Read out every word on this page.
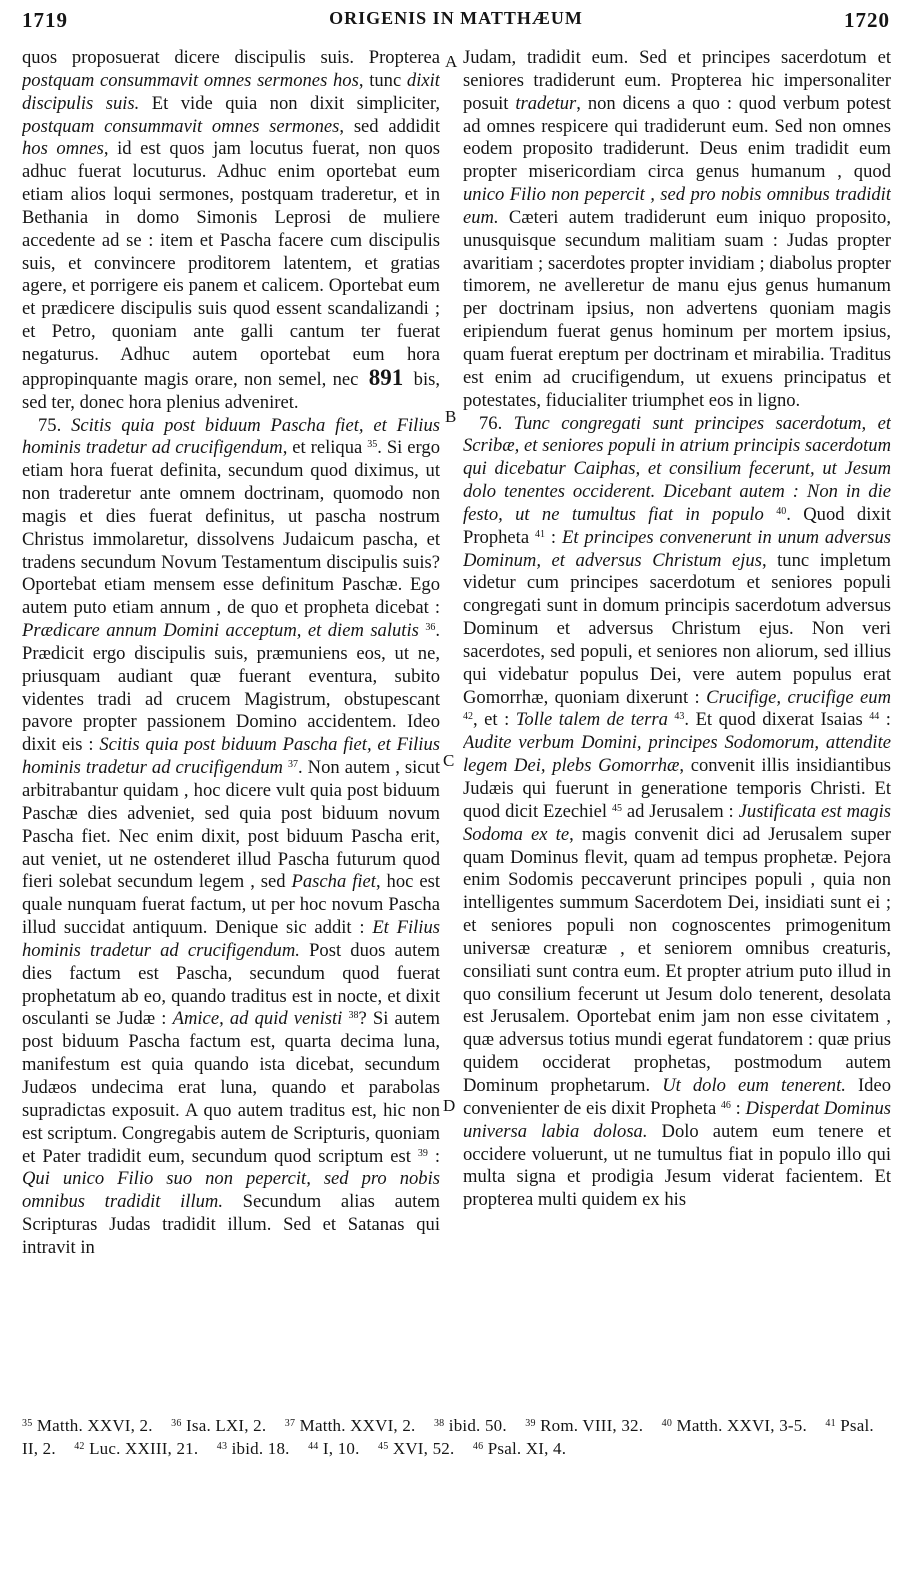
1719	ORIGENIS IN MATTHÆUM	1720

quos proposuerat dicere discipulis suis. Propterea postquam consummavit omnes sermones hos, tunc dixit discipulis suis. Et vide quia non dixit simpliciter, postquam consummavit omnes sermones, sed addidit hos omnes, id est quos jam locutus fuerat, non quos adhuc fuerat locuturus. Adhuc enim oportebat eum etiam alios loqui sermones, postquam traderetur, et in Bethania in domo Simonis Leprosi de muliere accedente ad se : item et Pascha facere cum discipulis suis, et convincere proditorem latentem, et gratias agere, et porrigere eis panem et calicem. Oportebat eum et prædicere discipulis suis quod essent scandalizandi ; et Petro, quoniam ante galli cantum ter fuerat negaturus. Adhuc autem oportebat eum hora appropinquante magis orare, non semel, nec 891 bis, sed ter, donec hora plenius adveniret.

75. Scitis quia post biduum Pascha fiet, et Filius hominis tradetur ad crucifigendum, et reliqua $^{35}$. Si ergo etiam hora fuerat definita, secundum quod diximus, ut non traderetur ante omnem doctrinam, quomodo non magis et dies fuerat definitus, ut pascha nostrum Christus immolaretur, dissolvens Judaicum pascha, et tradens secundum Novum Testamentum discipulis suis? Oportebat etiam mensem esse definitum Paschæ. Ego autem puto etiam annum , de quo et propheta dicebat : Prædicare annum Domini acceptum, et diem salutis $^{36}$. Prædicit ergo discipulis suis, præmuniens eos, ut ne, priusquam audiant quæ fuerant eventura, subito videntes tradi ad crucem Magistrum, obstupescant pavore propter passionem Domino accidentem. Ideo dixit eis : Scitis quia post biduum Pascha fiet, et Filius hominis tradetur ad crucifigendum $^{37}$. Non autem , sicut arbitrabantur quidam , hoc dicere vult quia post biduum Paschæ dies adveniet, sed quia post biduum novum Pascha fiet. Nec enim dixit, post biduum Pascha erit, aut veniet, ut ne ostenderet illud Pascha futurum quod fieri solebat secundum legem , sed Pascha fiet, hoc est quale nunquam fuerat factum, ut per hoc novum Pascha illud succidat antiquum. Denique sic addit : Et Filius hominis tradetur ad crucifigendum. Post duos autem dies factum est Pascha, secundum quod fuerat prophetatum ab eo, quando traditus est in nocte, et dixit osculanti se Judæ : Amice, ad quid venisti $^{38}$? Si autem post biduum Pascha factum est, quarta decima luna, manifestum est quia quando ista dicebat, secundum Judæos undecima erat luna, quando et parabolas supradictas exposuit. A quo autem traditus est, hic non est scriptum. Congregabis autem de Scripturis, quoniam et Pater tradidit eum, secundum quod scriptum est $^{39}$ : Qui unico Filio suo non pepercit, sed pro nobis omnibus tradidit illum. Secundum alias autem Scripturas Judas tradidit illum. Sed et Satanas qui intravit in

Judam, tradidit eum. Sed et principes sacerdotum et seniores tradiderunt eum. Propterea hic impersonaliter posuit tradetur, non dicens a quo : quod verbum potest ad omnes respicere qui tradiderunt eum. Sed non omnes eodem proposito tradiderunt. Deus enim tradidit eum propter misericordiam circa genus humanum , quod unico Filio non pepercit , sed pro nobis omnibus tradidit eum. Cæteri autem tradiderunt eum iniquo proposito, unusquisque secundum malitiam suam : Judas propter avaritiam ; sacerdotes propter invidiam ; diabolus propter timorem, ne avelleretur de manu ejus genus humanum per doctrinam ipsius, non advertens quoniam magis eripiendum fuerat genus hominum per mortem ipsius, quam fuerat ereptum per doctrinam et mirabilia. Traditus est enim ad crucifigendum, ut exuens principatus et potestates, fiducialiter triumphet eos in ligno.

76. Tunc congregati sunt principes sacerdotum, et Scribæ, et seniores populi in atrium principis sacerdotum qui dicebatur Caiphas, et consilium fecerunt, ut Jesum dolo tenentes occiderent. Dicebant autem : Non in die festo, ut ne tumultus fiat in populo $^{40}$. Quod dixit Propheta $^{41}$ : Et principes convenerunt in unum adversus Dominum, et adversus Christum ejus, tunc impletum videtur cum principes sacerdotum et seniores populi congregati sunt in domum principis sacerdotum adversus Dominum et adversus Christum ejus. Non veri sacerdotes, sed populi, et seniores non aliorum, sed illius qui videbatur populus Dei, vere autem populus erat Gomorrhæ, quoniam dixerunt : Crucifige, crucifige eum $^{42}$, et : Tolle talem de terra $^{43}$. Et quod dixerat Isaias $^{44}$ : Audite verbum Domini, principes Sodomorum, attendite legem Dei, plebs Gomorrhæ, convenit illis insidiantibus Judæis qui fuerunt in generatione temporis Christi. Et quod dicit Ezechiel $^{45}$ ad Jerusalem : Justificata est magis Sodoma ex te, magis convenit dici ad Jerusalem super quam Dominus flevit, quam ad tempus prophetæ. Pejora enim Sodomis peccaverunt principes populi , quia non intelligentes summum Sacerdotem Dei, insidiati sunt ei ; et seniores populi non cognoscentes primogenitum universæ creaturæ , et seniorem omnibus creaturis, consiliati sunt contra eum. Et propter atrium puto illud in quo consilium fecerunt ut Jesum dolo tenerent, desolata est Jerusalem. Oportebat enim jam non esse civitatem , quæ adversus totius mundi egerat fundatorem : quæ prius quidem occiderat prophetas, postmodum autem Dominum prophetarum. Ut dolo eum tenerent. Ideo convenienter de eis dixit Propheta $^{46}$ : Disperdat Dominus universa labia dolosa. Dolo autem eum tenere et occidere voluerunt, ut ne tumultus fiat in populo illo qui multa signa et prodigia Jesum viderat facientem. Et propterea multi quidem ex his

A
B
C
D
$^{35}$ Matth. XXVI, 2. $^{36}$ Isa. LXI, 2. $^{37}$ Matth. XXVI, 2. $^{38}$ ibid. 50. $^{39}$ Rom. VIII, 32. $^{40}$ Matth. XXVI, 3-5. $^{41}$ Psal. II, 2. $^{42}$ Luc. XXIII, 21. $^{43}$ ibid. 18. $^{44}$ I, 10. $^{45}$ XVI, 52. $^{46}$ Psal. XI, 4.
